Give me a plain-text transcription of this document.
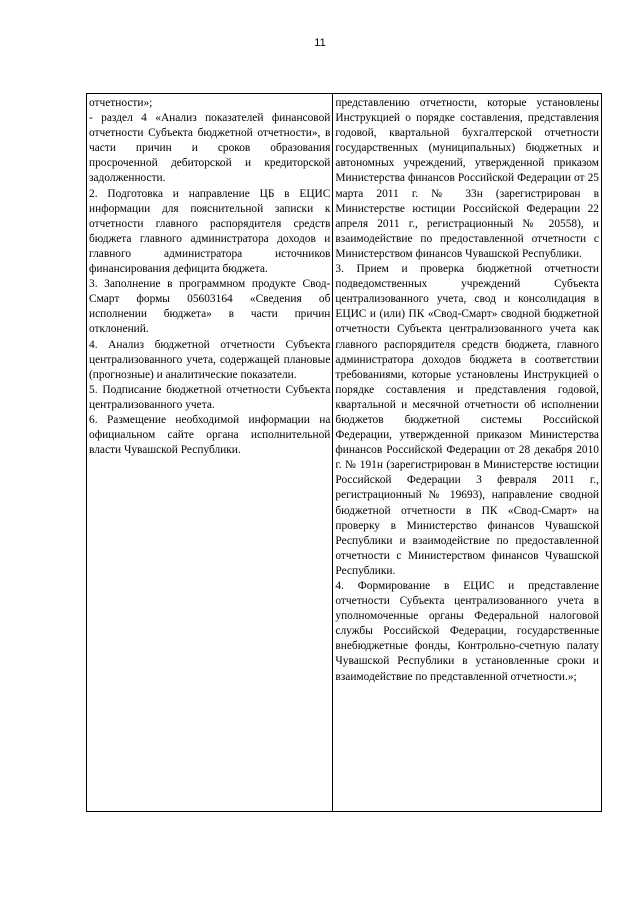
11
отчетности»;
- раздел 4 «Анализ показателей финансовой отчетности Субъекта бюджетной отчетности», в части причин и сроков образования просроченной дебиторской и кредиторской задолженности.
2. Подготовка и направление ЦБ в ЕЦИС информации для пояснительной записки к отчетности главного распорядителя средств бюджета главного администратора доходов и главного администратора источников финансирования дефицита бюджета.
3. Заполнение в программном продукте Свод-Смарт формы 05603164 «Сведения об исполнении бюджета» в части причин отклонений.
4. Анализ бюджетной отчетности Субъекта централизованного учета, содержащей плановые (прогнозные) и аналитические показатели.
5. Подписание бюджетной отчетности Субъекта централизованного учета.
6. Размещение необходимой информации на официальном сайте органа исполнительной власти Чувашской Республики.

представлению отчетности, которые установлены Инструкцией о порядке составления, представления годовой, квартальной бухгалтерской отчетности государственных (муниципальных) бюджетных и автономных учреждений, утвержденной приказом Министерства финансов Российской Федерации от 25 марта 2011 г. № 33н (зарегистрирован в Министерстве юстиции Российской Федерации 22 апреля 2011 г., регистрационный № 20558), и взаимодействие по предоставленной отчетности с Министерством финансов Чувашской Республики.
3. Прием и проверка бюджетной отчетности подведомственных учреждений Субъекта централизованного учета, свод и консолидация в ЕЦИС и (или) ПК «Свод-Смарт» сводной бюджетной отчетности Субъекта централизованного учета как главного распорядителя средств бюджета, главного администратора доходов бюджета в соответствии требованиями, которые установлены Инструкцией о порядке составления и представления годовой, квартальной и месячной отчетности об исполнении бюджетов бюджетной системы Российской Федерации, утвержденной приказом Министерства финансов Российской Федерации от 28 декабря 2010 г. № 191н (зарегистрирован в Министерстве юстиции Российской Федерации 3 февраля 2011 г., регистрационный № 19693), направление сводной бюджетной отчетности в ПК «Свод-Смарт» на проверку в Министерство финансов Чувашской Республики и взаимодействие по предоставленной отчетности с Министерством финансов Чувашской Республики.
4. Формирование в ЕЦИС и представление отчетности Субъекта централизованного учета в уполномоченные органы Федеральной налоговой службы Российской Федерации, государственные внебюджетные фонды, Контрольно-счетную палату Чувашской Республики в установленные сроки и взаимодействие по представленной отчетности.»;
